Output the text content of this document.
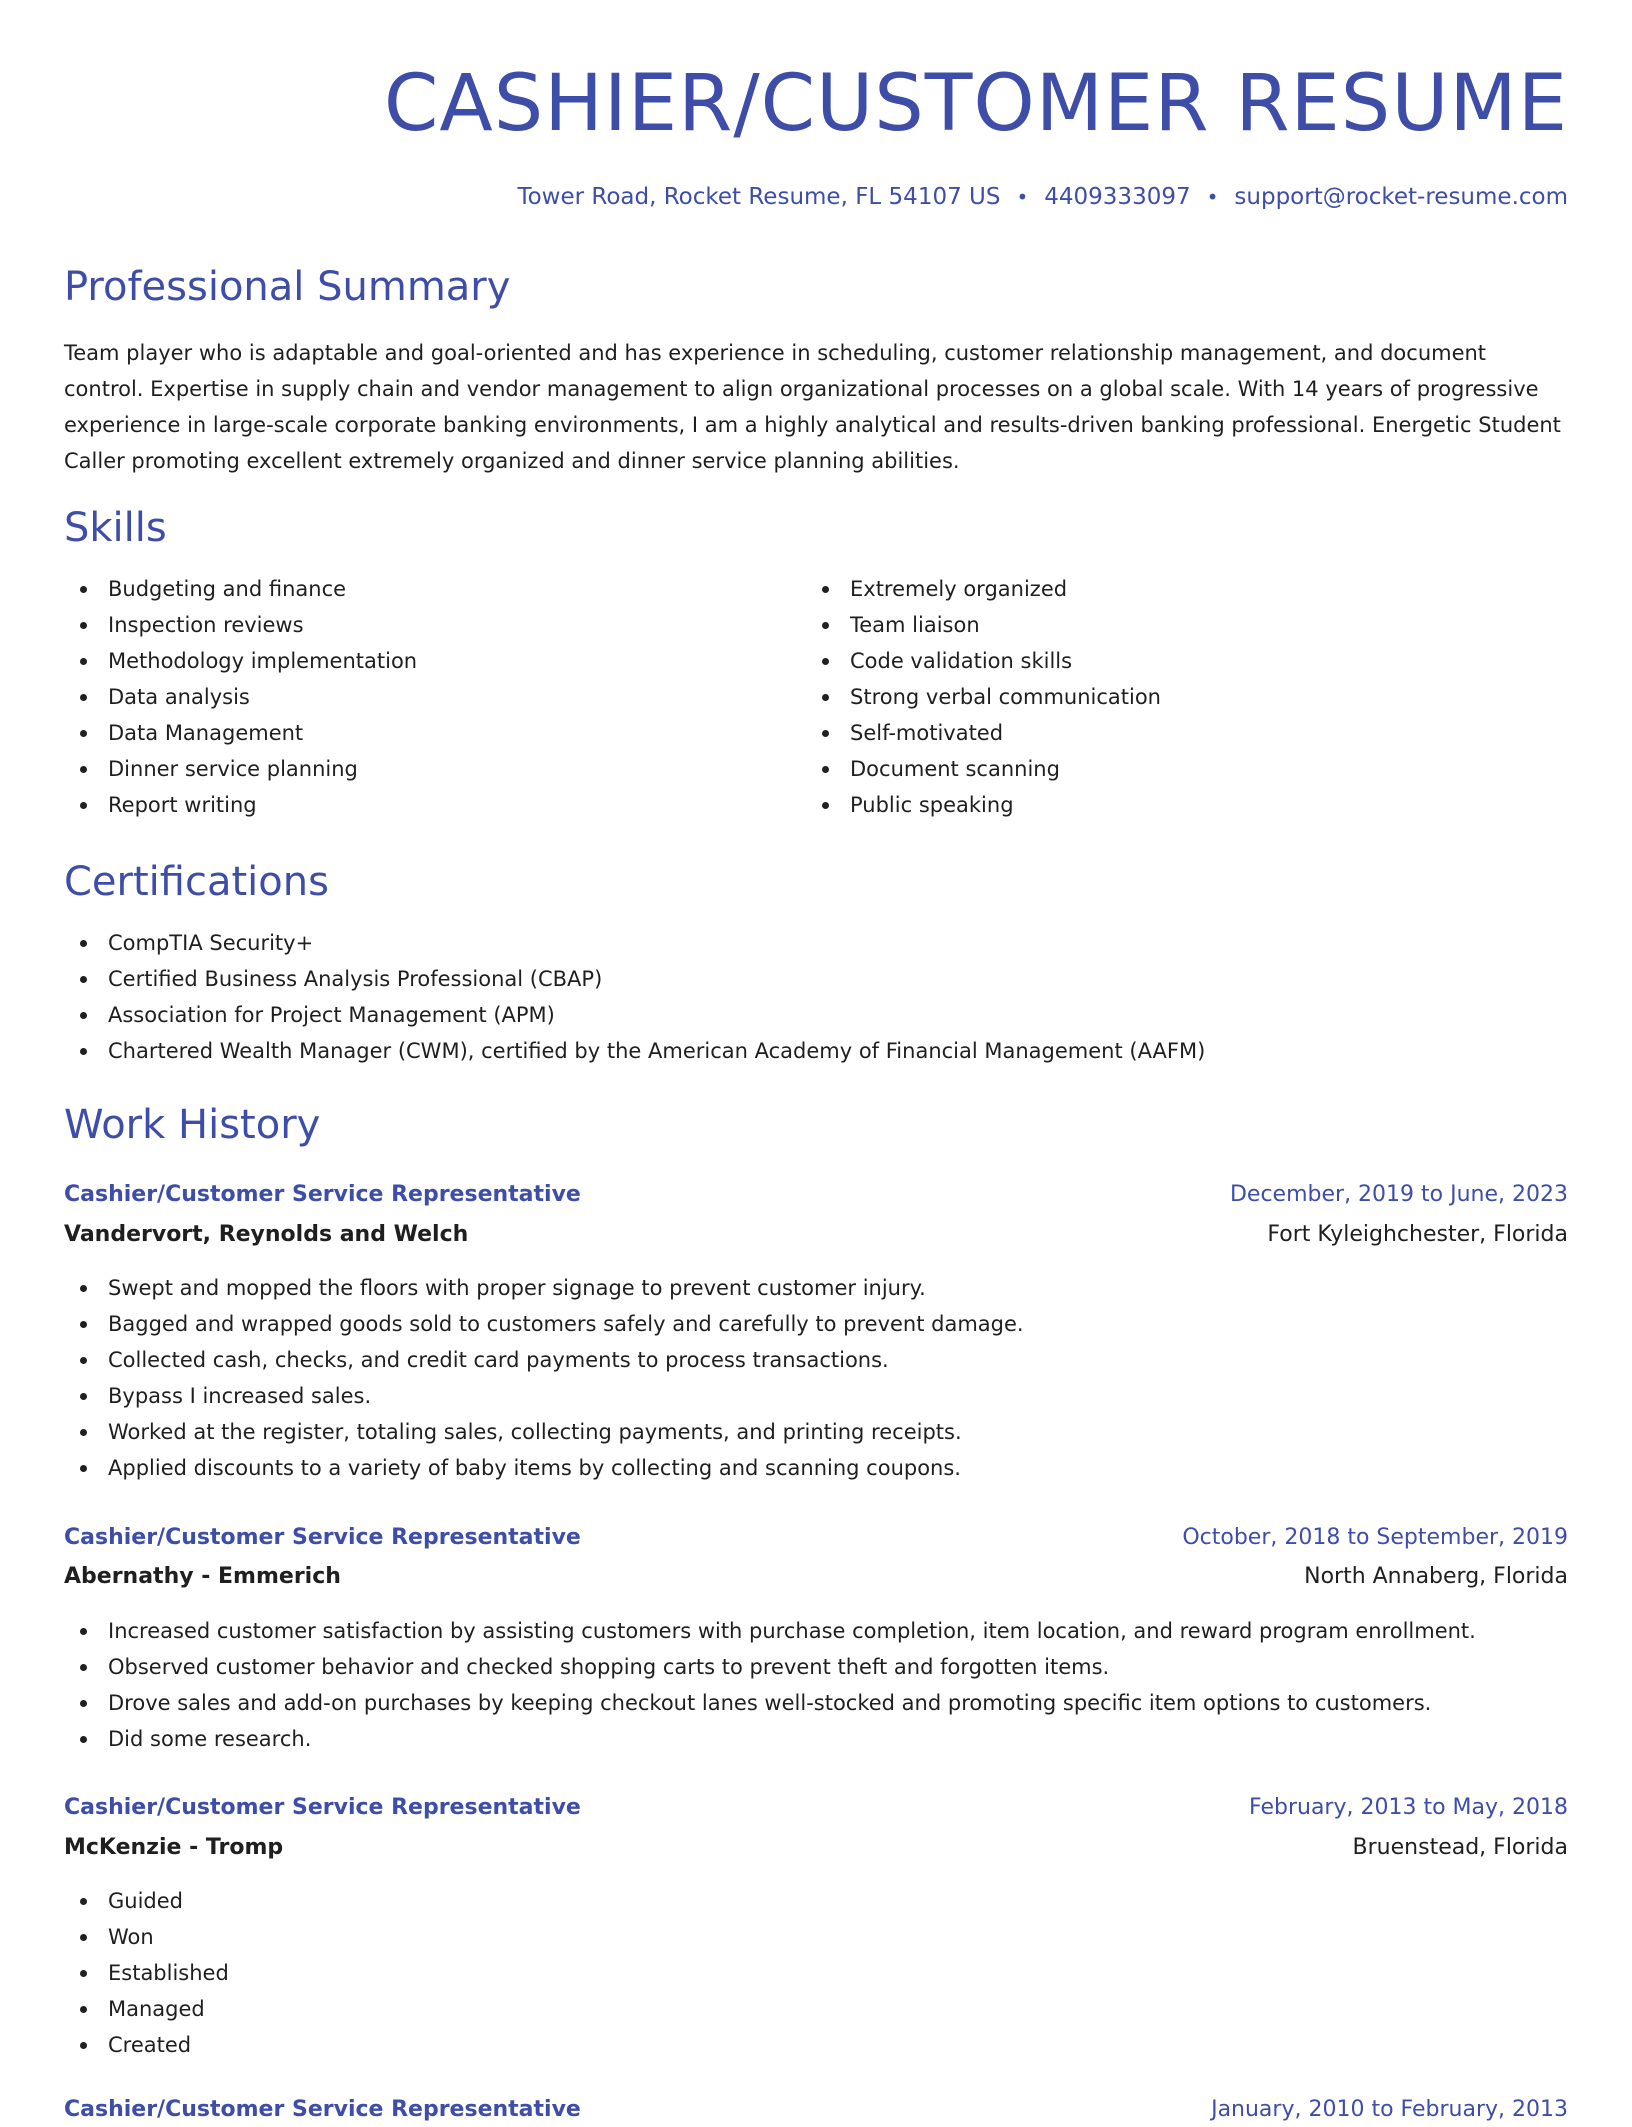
CASHIER/CUSTOMER RESUME
Tower Road, Rocket Resume, FL 54107 US • 4409333097 • support@rocket-resume.com
Professional Summary

Team player who is adaptable and goal-oriented and has experience in scheduling, customer relationship management, and document control. Expertise in supply chain and vendor management to align organizational processes on a global scale. With 14 years of progressive experience in large-scale corporate banking environments, I am a highly analytical and results-driven banking professional. Energetic Student Caller promoting excellent extremely organized and dinner service planning abilities.

Skills
Budgeting and finance
Inspection reviews
Methodology implementation
Data analysis
Data Management
Dinner service planning
Report writing
Extremely organized
Team liaison
Code validation skills
Strong verbal communication
Self-motivated
Document scanning
Public speaking
Certifications
CompTIA Security+
Certified Business Analysis Professional (CBAP)
Association for Project Management (APM)
Chartered Wealth Manager (CWM), certified by the American Academy of Financial Management (AAFM)
Work History
Cashier/Customer Service Representative	December, 2019 to June, 2023
Vandervort, Reynolds and Welch	Fort Kyleighchester, Florida
Swept and mopped the floors with proper signage to prevent customer injury.
Bagged and wrapped goods sold to customers safely and carefully to prevent damage.
Collected cash, checks, and credit card payments to process transactions.
Bypass I increased sales.
Worked at the register, totaling sales, collecting payments, and printing receipts.
Applied discounts to a variety of baby items by collecting and scanning coupons.
Cashier/Customer Service Representative	October, 2018 to September, 2019
Abernathy - Emmerich	North Annaberg, Florida
Increased customer satisfaction by assisting customers with purchase completion, item location, and reward program enrollment.
Observed customer behavior and checked shopping carts to prevent theft and forgotten items.
Drove sales and add-on purchases by keeping checkout lanes well-stocked and promoting specific item options to customers.
Did some research.
Cashier/Customer Service Representative	February, 2013 to May, 2018
McKenzie - Tromp	Bruenstead, Florida
Guided
Won
Established
Managed
Created
Cashier/Customer Service Representative	January, 2010 to February, 2013
